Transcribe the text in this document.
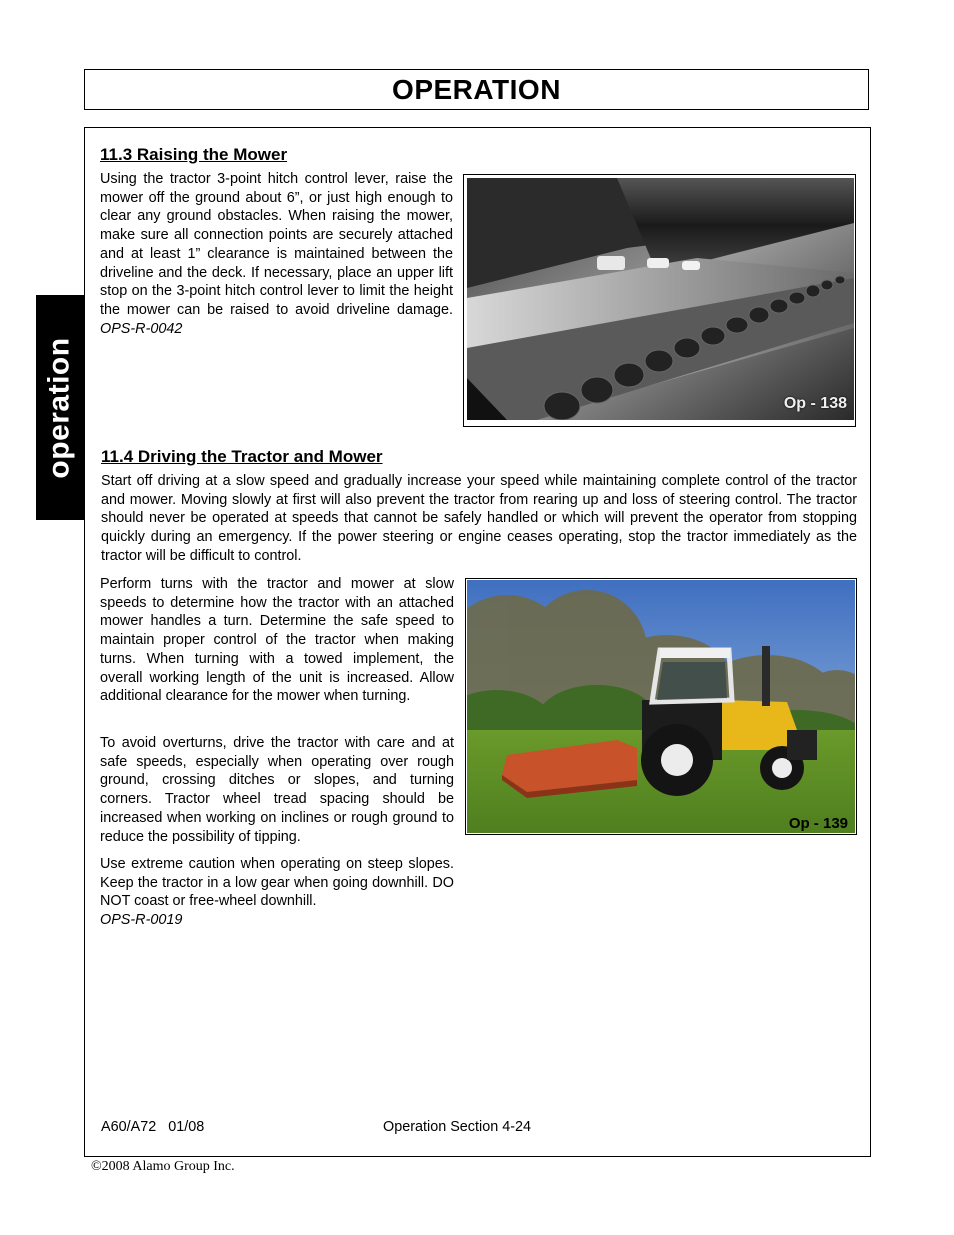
OPERATION
operation
11.3 Raising the Mower

Using the tractor 3-point hitch control lever, raise the mower off the ground about 6”, or just high enough to clear any ground obstacles. When raising the mower, make sure all connection points are securely attached and at least 1” clearance is maintained between the driveline and the deck. If necessary, place an upper lift stop on the 3-point hitch control lever to limit the height the mower can be raised to avoid driveline damage. OPS-R-0042

Op - 138
11.4 Driving the Tractor and Mower

Start off driving at a slow speed and gradually increase your speed while maintaining complete control of the tractor and mower. Moving slowly at first will also prevent the tractor from rearing up and loss of steering control. The tractor should never be operated at speeds that cannot be safely handled or which will prevent the operator from stopping quickly during an emergency. If the power steering or engine ceases operating, stop the tractor immediately as the tractor will be difficult to control.

Perform turns with the tractor and mower at slow speeds to determine how the tractor with an attached mower handles a turn. Determine the safe speed to maintain proper control of the tractor when making turns. When turning with a towed implement, the overall working length of the unit is increased. Allow additional clearance for the mower when turning.

To avoid overturns, drive the tractor with care and at safe speeds, especially when operating over rough ground, crossing ditches or slopes, and turning corners. Tractor wheel tread spacing should be increased when working on inclines or rough ground to reduce the possibility of tipping.

Use extreme caution when operating on steep slopes. Keep the tractor in a low gear when going downhill. DO NOT coast or free-wheel downhill.
OPS-R-0019

Op - 139
A60/A72   01/08	Operation Section 4-24
©2008 Alamo Group Inc.
